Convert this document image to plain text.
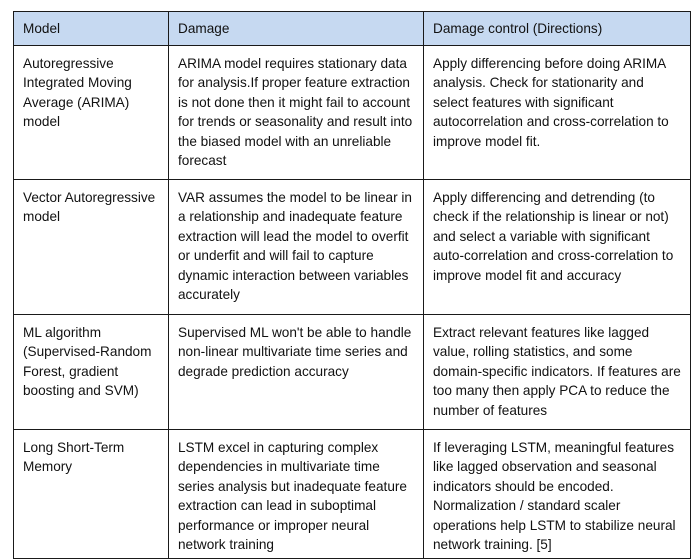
Model	Damage	Damage control (Directions)
Autoregressive Integrated Moving Average (ARIMA) model	ARIMA model requires stationary data for analysis.If proper feature extraction is not done then it might fail to account for trends or seasonality and result into the biased model with an unreliable forecast	Apply differencing before doing ARIMA analysis. Check for stationarity and select features with significant autocorrelation and cross-correlation to improve model fit.
Vector Autoregressive model	VAR assumes the model to be linear in a relationship and inadequate feature extraction will lead the model to overfit or underfit and will fail to capture dynamic interaction between variables accurately	Apply differencing and detrending (to check if the relationship is linear or not) and select a variable with significant auto-correlation and cross-correlation to improve model fit and accuracy
ML algorithm (Supervised-Random Forest, gradient boosting and SVM)	Supervised ML won't be able to handle non-linear multivariate time series and degrade prediction accuracy	Extract relevant features like lagged value, rolling statistics, and some domain-specific indicators. If features are too many then apply PCA to reduce the number of features
Long Short-Term Memory	LSTM excel in capturing complex dependencies in multivariate time series analysis but inadequate feature extraction can lead in suboptimal performance or improper neural network training	If leveraging LSTM, meaningful features like lagged observation and seasonal indicators should be encoded. Normalization / standard scaler operations help LSTM to stabilize neural network training. [5]
